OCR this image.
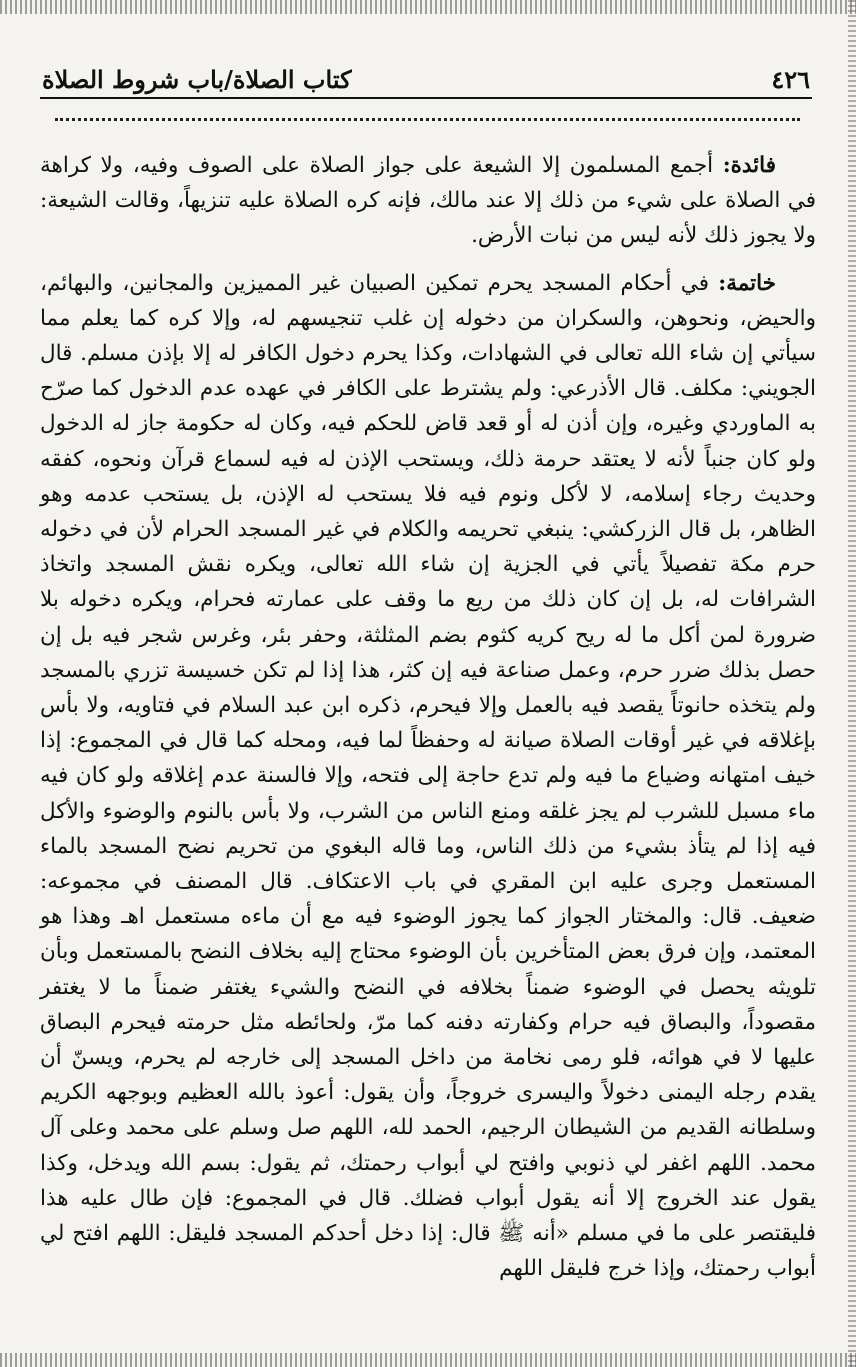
٤٢٦
كتاب الصلاة/باب شروط الصلاة

فائدة: أجمع المسلمون إلا الشيعة على جواز الصلاة على الصوف وفيه، ولا كراهة في الصلاة على شيء من ذلك إلا عند مالك، فإنه كره الصلاة عليه تنزيهاً، وقالت الشيعة: ولا يجوز ذلك لأنه ليس من نبات الأرض.

خاتمة: في أحكام المسجد يحرم تمكين الصبيان غير المميزين والمجانين، والبهائم، والحيض، ونحوهن، والسكران من دخوله إن غلب تنجيسهم له، وإلا كره كما يعلم مما سيأتي إن شاء الله تعالى في الشهادات، وكذا يحرم دخول الكافر له إلا بإذن مسلم. قال الجويني: مكلف. قال الأذرعي: ولم يشترط على الكافر في عهده عدم الدخول كما صرّح به الماوردي وغيره، وإن أذن له أو قعد قاض للحكم فيه، وكان له حكومة جاز له الدخول ولو كان جنباً لأنه لا يعتقد حرمة ذلك، ويستحب الإذن له فيه لسماع قرآن ونحوه، كفقه وحديث رجاء إسلامه، لا لأكل ونوم فيه فلا يستحب له الإذن، بل يستحب عدمه وهو الظاهر، بل قال الزركشي: ينبغي تحريمه والكلام في غير المسجد الحرام لأن في دخوله حرم مكة تفصيلاً يأتي في الجزية إن شاء الله تعالى، ويكره نقش المسجد واتخاذ الشرافات له، بل إن كان ذلك من ريع ما وقف على عمارته فحرام، ويكره دخوله بلا ضرورة لمن أكل ما له ريح كريه كثوم بضم المثلثة، وحفر بئر، وغرس شجر فيه بل إن حصل بذلك ضرر حرم، وعمل صناعة فيه إن كثر، هذا إذا لم تكن خسيسة تزري بالمسجد ولم يتخذه حانوتاً يقصد فيه بالعمل وإلا فيحرم، ذكره ابن عبد السلام في فتاويه، ولا بأس بإغلاقه في غير أوقات الصلاة صيانة له وحفظاً لما فيه، ومحله كما قال في المجموع: إذا خيف امتهانه وضياع ما فيه ولم تدع حاجة إلى فتحه، وإلا فالسنة عدم إغلاقه ولو كان فيه ماء مسبل للشرب لم يجز غلقه ومنع الناس من الشرب، ولا بأس بالنوم والوضوء والأكل فيه إذا لم يتأذ بشيء من ذلك الناس، وما قاله البغوي من تحريم نضح المسجد بالماء المستعمل وجرى عليه ابن المقري في باب الاعتكاف. قال المصنف في مجموعه: ضعيف. قال: والمختار الجواز كما يجوز الوضوء فيه مع أن ماءه مستعمل اهـ وهذا هو المعتمد، وإن فرق بعض المتأخرين بأن الوضوء محتاج إليه بخلاف النضح بالمستعمل وبأن تلويثه يحصل في الوضوء ضمناً بخلافه في النضح والشيء يغتفر ضمناً ما لا يغتفر مقصوداً، والبصاق فيه حرام وكفارته دفنه كما مرّ، ولحائطه مثل حرمته فيحرم البصاق عليها لا في هوائه، فلو رمى نخامة من داخل المسجد إلى خارجه لم يحرم، ويسنّ أن يقدم رجله اليمنى دخولاً واليسرى خروجاً، وأن يقول: أعوذ بالله العظيم وبوجهه الكريم وسلطانه القديم من الشيطان الرجيم، الحمد لله، اللهم صل وسلم على محمد وعلى آل محمد. اللهم اغفر لي ذنوبي وافتح لي أبواب رحمتك، ثم يقول: بسم الله ويدخل، وكذا يقول عند الخروج إلا أنه يقول أبواب فضلك. قال في المجموع: فإن طال عليه هذا فليقتصر على ما في مسلم «أنه ﷺ قال: إذا دخل أحدكم المسجد فليقل: اللهم افتح لي أبواب رحمتك، وإذا خرج فليقل اللهم
